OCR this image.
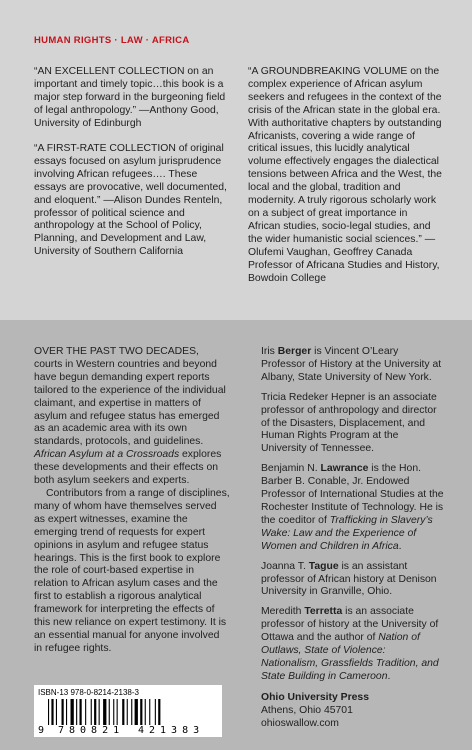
HUMAN RIGHTS · LAW · AFRICA
“AN EXCELLENT COLLECTION on an important and timely topic…this book is a major step forward in the burgeoning field of legal anthropology.” —Anthony Good, University of Edinburgh
“A FIRST-RATE COLLECTION of original essays focused on asylum jurisprudence involving African refugees…. These essays are provocative, well documented, and eloquent.” —Alison Dundes Renteln, professor of political science and anthropology at the School of Policy, Planning, and Development and Law, University of Southern California
“A GROUNDBREAKING VOLUME on the complex experience of African asylum seekers and refugees in the context of the crisis of the African state in the global era. With authoritative chapters by outstanding Africanists, covering a wide range of critical issues, this lucidly analytical volume effectively engages the dialectical tensions between Africa and the West, the local and the global, tradition and modernity. A truly rigorous scholarly work on a subject of great importance in African studies, socio-legal studies, and the wider humanistic social sciences.” —Olufemi Vaughan, Geoffrey Canada Professor of Africana Studies and History, Bowdoin College

OVER THE PAST TWO DECADES, courts in Western countries and beyond have begun demanding expert reports tailored to the experience of the individual claimant, and expertise in matters of asylum and refugee status has emerged as an academic area with its own standards, protocols, and guidelines. African Asylum at a Crossroads explores these developments and their effects on both asylum seekers and experts.

Contributors from a range of disciplines, many of whom have themselves served as expert witnesses, examine the emerging trend of requests for expert opinions in asylum and refugee status hearings. This is the first book to explore the role of court-based expertise in relation to African asylum cases and the first to establish a rigorous analytical framework for interpreting the effects of this new reliance on expert testimony. It is an essential manual for anyone involved in refugee rights.

Iris Berger is Vincent O’Leary Professor of History at the University at Albany, State University of New York.

Tricia Redeker Hepner is an associate professor of anthropology and director of the Disasters, Displacement, and Human Rights Program at the University of Tennessee.

Benjamin N. Lawrance is the Hon. Barber B. Conable, Jr. Endowed Professor of International Studies at the Rochester Institute of Technology. He is the coeditor of Trafficking in Slavery’s Wake: Law and the Experience of Women and Children in Africa.

Joanna T. Tague is an assistant professor of African history at Denison University in Granville, Ohio.

Meredith Terretta is an associate professor of history at the University of Ottawa and the author of Nation of Outlaws, State of Violence: Nationalism, Grassfields Tradition, and State Building in Cameroon.

Ohio University Press
Athens, Ohio 45701
ohioswallow.com
ISBN-13 978-0-8214-2138-3
9 780821 421383
